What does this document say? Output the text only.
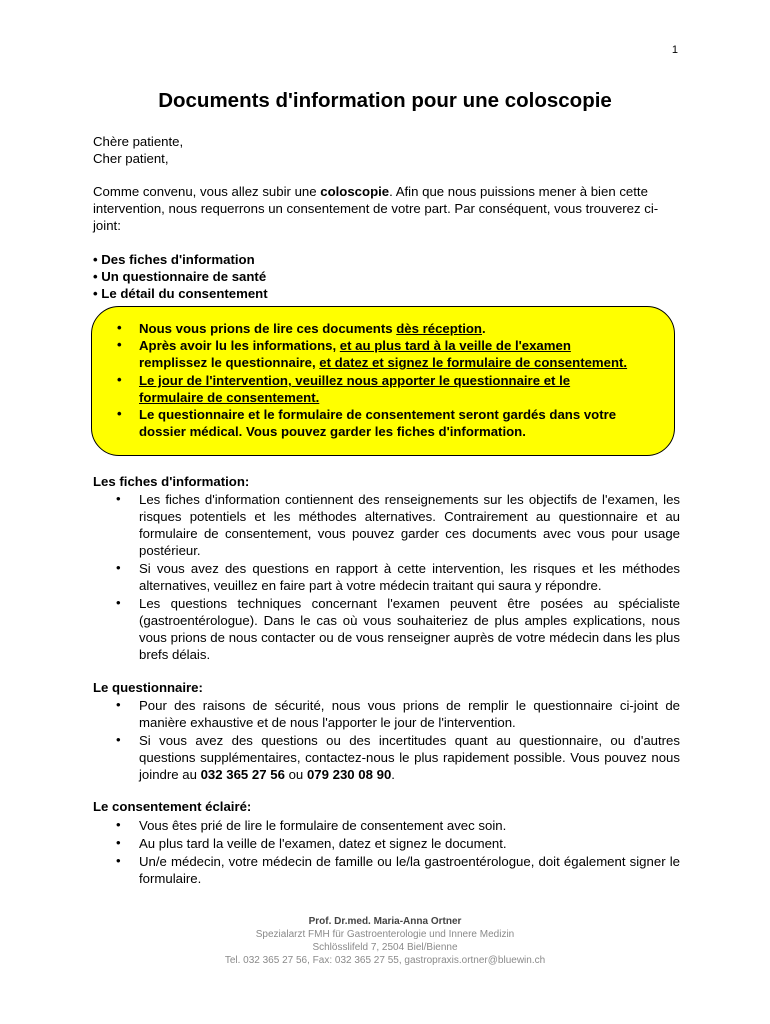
1
Documents d'information pour une coloscopie
Chère patiente,
Cher patient,
Comme convenu, vous allez subir une coloscopie. Afin que nous puissions mener à bien cette intervention, nous requerrons un consentement de votre part. Par conséquent, vous trouverez ci-joint:
• Des fiches d'information
• Un questionnaire de santé
• Le détail du consentement
• Nous vous prions de lire ces documents dès réception.
• Après avoir lu les informations, et au plus tard à la veille de l'examen
remplissez le questionnaire, et datez et signez le formulaire de consentement.
• Le jour de l'intervention, veuillez nous apporter le questionnaire et le
formulaire de consentement.
• Le questionnaire et le formulaire de consentement seront gardés dans votre
dossier médical. Vous pouvez garder les fiches d'information.
Les fiches d'information:
• Les fiches d'information contiennent des renseignements sur les objectifs de l'examen, les risques potentiels et les méthodes alternatives. Contrairement au questionnaire et au formulaire de consentement, vous pouvez garder ces documents avec vous pour usage postérieur.
• Si vous avez des questions en rapport à cette intervention, les risques et les méthodes alternatives, veuillez en faire part à votre médecin traitant qui saura y répondre.
• Les questions techniques concernant l'examen peuvent être posées au spécialiste (gastroentérologue). Dans le cas où vous souhaiteriez de plus amples explications, nous vous prions de nous contacter ou de vous renseigner auprès de votre médecin dans les plus brefs délais.
Le questionnaire:
• Pour des raisons de sécurité, nous vous prions de remplir le questionnaire ci-joint de manière exhaustive et de nous l'apporter le jour de l'intervention.
• Si vous avez des questions ou des incertitudes quant au questionnaire, ou d'autres questions supplémentaires, contactez-nous le plus rapidement possible. Vous pouvez nous joindre au 032 365 27 56 ou 079 230 08 90.
Le consentement éclairé:
• Vous êtes prié de lire le formulaire de consentement avec soin.
• Au plus tard la veille de l'examen, datez et signez le document.
• Un/e médecin, votre médecin de famille ou le/la gastroentérologue, doit également signer le formulaire.
Prof. Dr.med. Maria-Anna Ortner
Spezialarzt FMH für Gastroenterologie und Innere Medizin
Schlösslifeld 7, 2504 Biel/Bienne
Tel. 032 365 27 56, Fax: 032 365 27 55, gastropraxis.ortner@bluewin.ch
